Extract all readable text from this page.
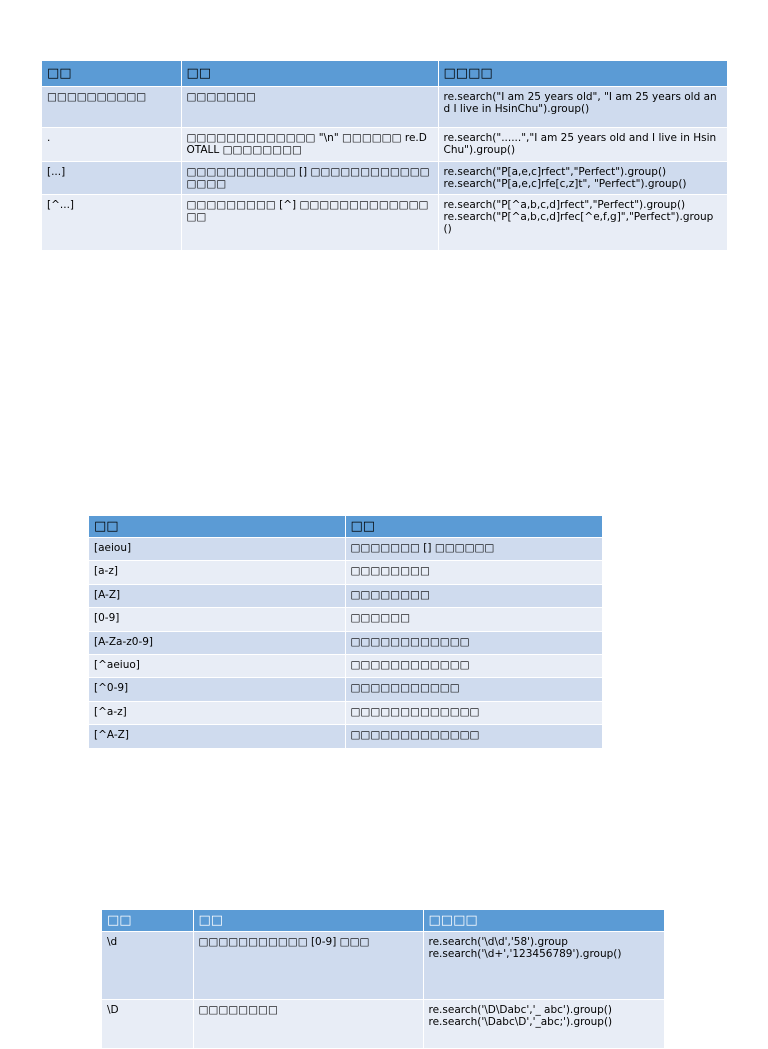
□□	□□	□□□□
□□□□□□□□□□	□□□□□□□	re.search("I am 25 years old", "I am 25 years old and I live in HsinChu").group()
.	□□□□□□□□□□□□□ "\n" □□□□□□ re.DOTALL □□□□□□□□	re.search("......","I am 25 years old and I live in HsinChu").group()
[...]	□□□□□□□□□□□ [] □□□□□□□□□□□□□□□□	re.search("P[a,e,c]rfect","Perfect").group()
re.search("P[a,e,c]rfe[c,z]t", "Perfect").group()
[^...]	□□□□□□□□□ [^] □□□□□□□□□□□□□□□	re.search("P[^a,b,c,d]rfect","Perfect").group()
re.search("P[^a,b,c,d]rfec[^e,f,g]","Perfect").group()
□□	□□
[aeiou]	□□□□□□□ [] □□□□□□
[a-z]	□□□□□□□□
[A-Z]	□□□□□□□□
[0-9]	□□□□□□
[A-Za-z0-9]	□□□□□□□□□□□□
[^aeiuo]	□□□□□□□□□□□□
[^0-9]	□□□□□□□□□□□
[^a-z]	□□□□□□□□□□□□□
[^A-Z]	□□□□□□□□□□□□□
□□	□□	□□□□
\d	□□□□□□□□□□□ [0-9] □□□	re.search('\d\d','58').group
re.search('\d+','123456789').group()
\D	□□□□□□□□	re.search('\D\Dabc','_ abc').group()
re.search('\Dabc\D','_abc;').group()
